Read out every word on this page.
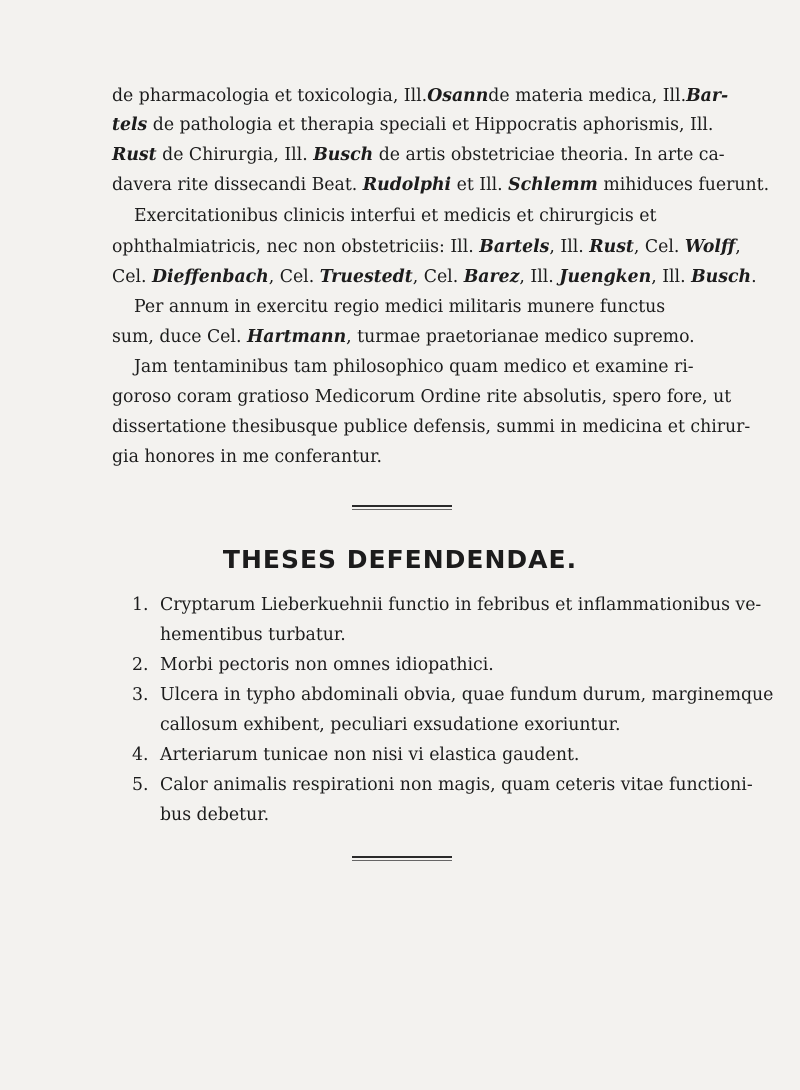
de pharmacologia et toxicologia, Ill. Osann de materia medica, Ill. Bar-
tels de pathologia et therapia speciali et Hippocratis aphorismis, Ill.
Rust de Chirurgia, Ill. Busch de artis obstetriciae theoria. In arte ca-
davera rite dissecandi Beat. Rudolphi et Ill. Schlemm mihiduces fuerunt.
Exercitationibus clinicis interfui et medicis et chirurgicis et
ophthalmiatricis, nec non obstetriciis: Ill. Bartels, Ill. Rust, Cel. Wolff,
Cel. Dieffenbach, Cel. Truestedt, Cel. Barez, Ill. Juengken, Ill. Busch.
Per annum in exercitu regio medici militaris munere functus
sum, duce Cel. Hartmann, turmae praetorianae medico supremo.
Jam tentaminibus tam philosophico quam medico et examine ri-
goroso coram gratioso Medicorum Ordine rite absolutis, spero fore, ut
dissertatione thesibusque publice defensis, summi in medicina et chirur-
gia honores in me conferantur.
THESES DEFENDENDAE.
1. Cryptarum Lieberkuehnii functio in febribus et inflammationibus ve-
hementibus turbatur.
2. Morbi pectoris non omnes idiopathici.
3. Ulcera in typho abdominali obvia, quae fundum durum, marginemque
callosum exhibent, peculiari exsudatione exoriuntur.
4. Arteriarum tunicae non nisi vi elastica gaudent.
5. Calor animalis respirationi non magis, quam ceteris vitae functioni-
bus debetur.
